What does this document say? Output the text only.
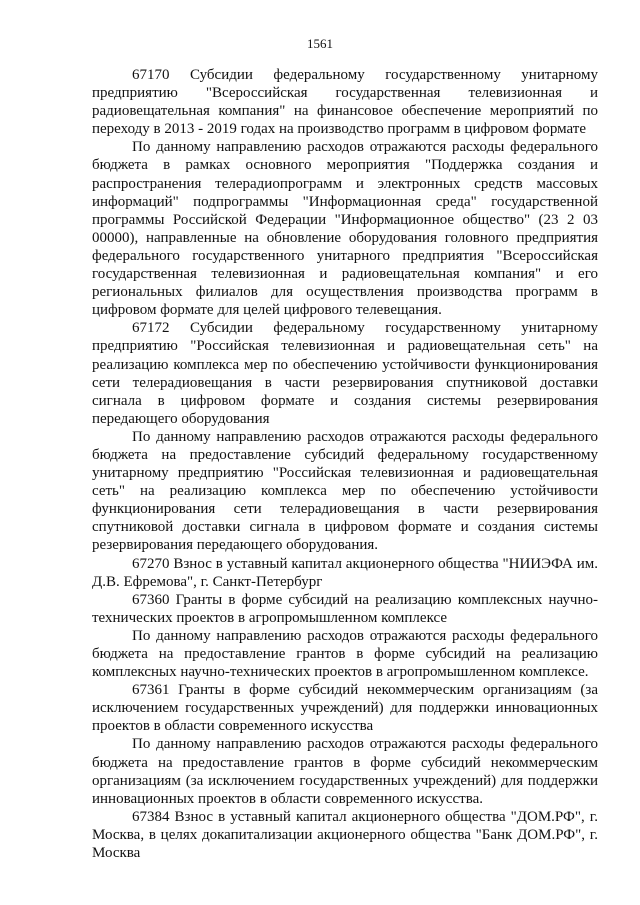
1561

67170 Субсидии федеральному государственному унитарному предприятию "Всероссийская государственная телевизионная и радиовещательная компания" на финансовое обеспечение мероприятий по переходу в 2013 - 2019 годах на производство программ в цифровом формате

По данному направлению расходов отражаются расходы федерального бюджета в рамках основного мероприятия "Поддержка создания и распространения телерадиопрограмм и электронных средств массовых информаций" подпрограммы "Информационная среда" государственной программы Российской Федерации "Информационное общество" (23 2 03 00000), направленные на обновление оборудования головного предприятия федерального государственного унитарного предприятия "Всероссийская государственная телевизионная и радиовещательная компания" и его региональных филиалов для осуществления производства программ в цифровом формате для целей цифрового телевещания.

67172 Субсидии федеральному государственному унитарному предприятию "Российская телевизионная и радиовещательная сеть" на реализацию комплекса мер по обеспечению устойчивости функционирования сети телерадиовещания в части резервирования спутниковой доставки сигнала в цифровом формате и создания системы резервирования передающего оборудования

По данному направлению расходов отражаются расходы федерального бюджета на предоставление субсидий федеральному государственному унитарному предприятию "Российская телевизионная и радиовещательная сеть" на реализацию комплекса мер по обеспечению устойчивости функционирования сети телерадиовещания в части резервирования спутниковой доставки сигнала в цифровом формате и создания системы резервирования передающего оборудования.

67270 Взнос в уставный капитал акционерного общества "НИИЭФА им. Д.В. Ефремова", г. Санкт-Петербург

67360 Гранты в форме субсидий на реализацию комплексных научно-технических проектов в агропромышленном комплексе

По данному направлению расходов отражаются расходы федерального бюджета на предоставление грантов в форме субсидий на реализацию комплексных научно-технических проектов в агропромышленном комплексе.

67361 Гранты в форме субсидий некоммерческим организациям (за исключением государственных учреждений) для поддержки инновационных проектов в области современного искусства

По данному направлению расходов отражаются расходы федерального бюджета на предоставление грантов в форме субсидий некоммерческим организациям (за исключением государственных учреждений) для поддержки инновационных проектов в области современного искусства.

67384 Взнос в уставный капитал акционерного общества "ДОМ.РФ", г. Москва, в целях докапитализации акционерного общества "Банк ДОМ.РФ", г. Москва
